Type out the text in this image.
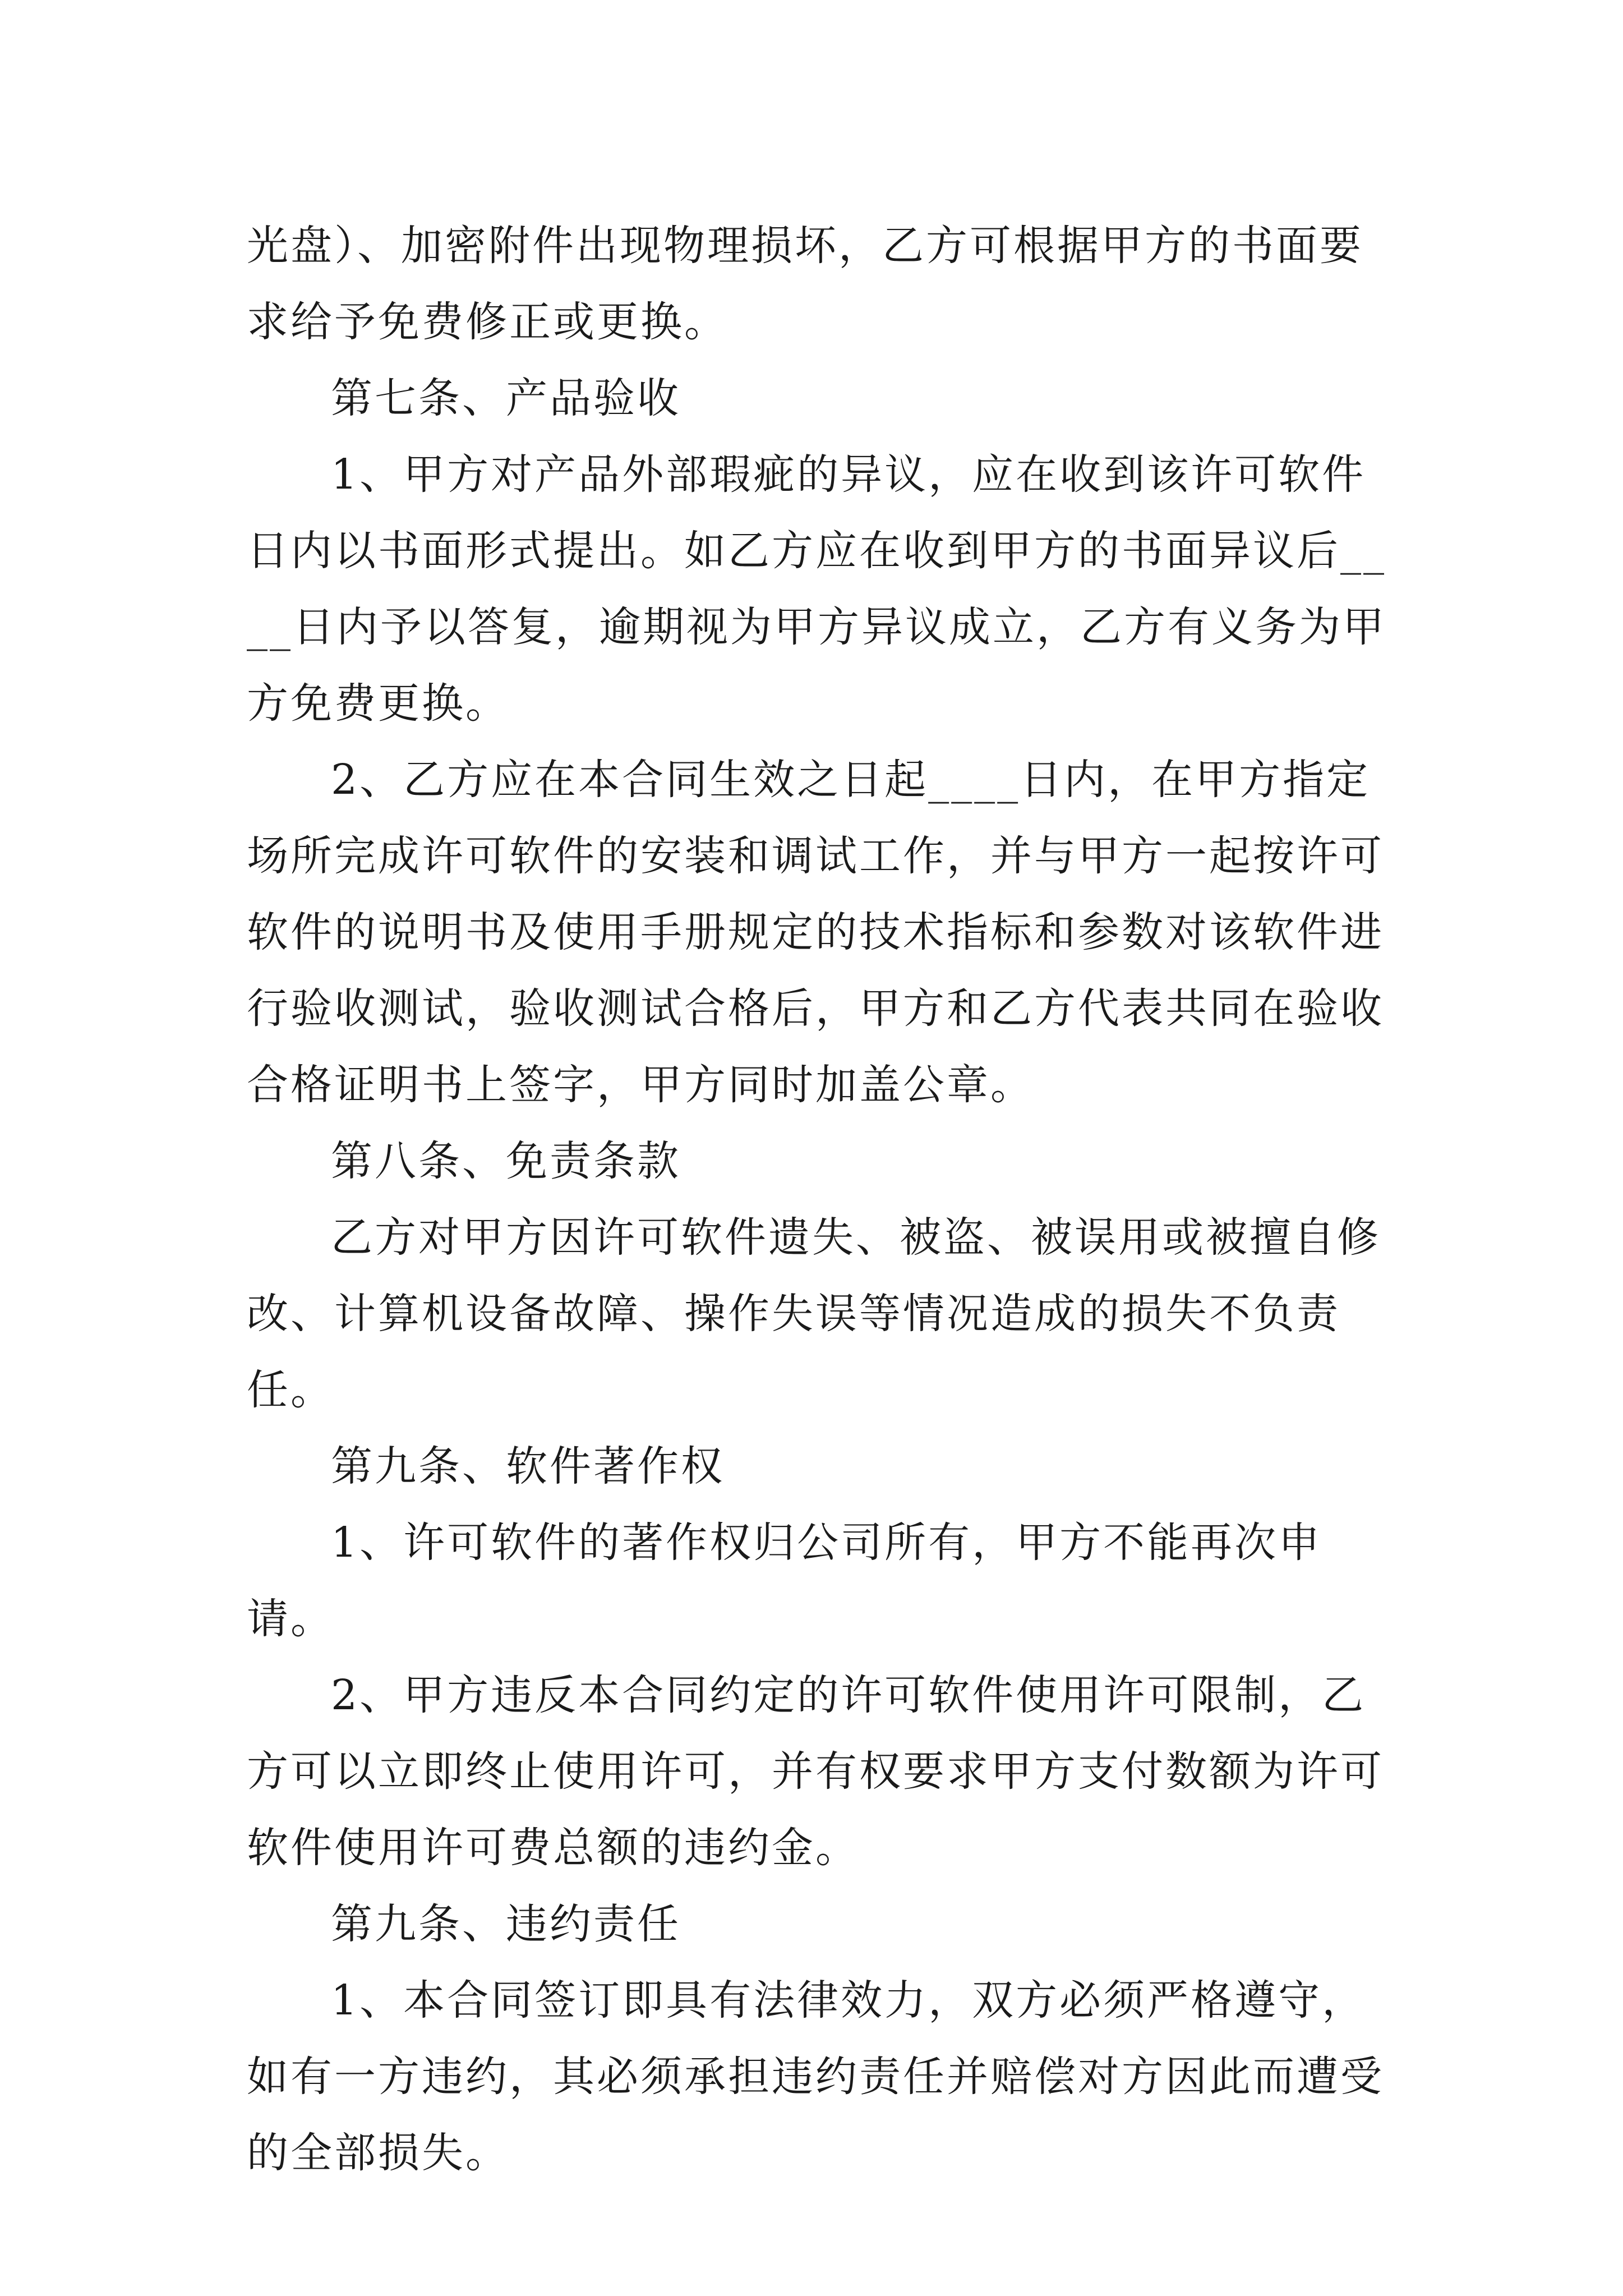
光盘）、加密附件出现物理损坏，乙方可根据甲方的书面要求给予免费修正或更换。

第七条、产品验收

1、甲方对产品外部瑕疵的异议，应在收到该许可软件日内以书面形式提出。如乙方应在收到甲方的书面异议后____日内予以答复，逾期视为甲方异议成立，乙方有义务为甲方免费更换。

2、乙方应在本合同生效之日起____日内，在甲方指定场所完成许可软件的安装和调试工作，并与甲方一起按许可软件的说明书及使用手册规定的技术指标和参数对该软件进行验收测试，验收测试合格后，甲方和乙方代表共同在验收合格证明书上签字，甲方同时加盖公章。

第八条、免责条款

乙方对甲方因许可软件遗失、被盗、被误用或被擅自修改、计算机设备故障、操作失误等情况造成的损失不负责任。

第九条、软件著作权

1、许可软件的著作权归公司所有，甲方不能再次申请。

2、甲方违反本合同约定的许可软件使用许可限制，乙方可以立即终止使用许可，并有权要求甲方支付数额为许可软件使用许可费总额的违约金。

第九条、违约责任

1、本合同签订即具有法律效力，双方必须严格遵守，如有一方违约，其必须承担违约责任并赔偿对方因此而遭受的全部损失。
